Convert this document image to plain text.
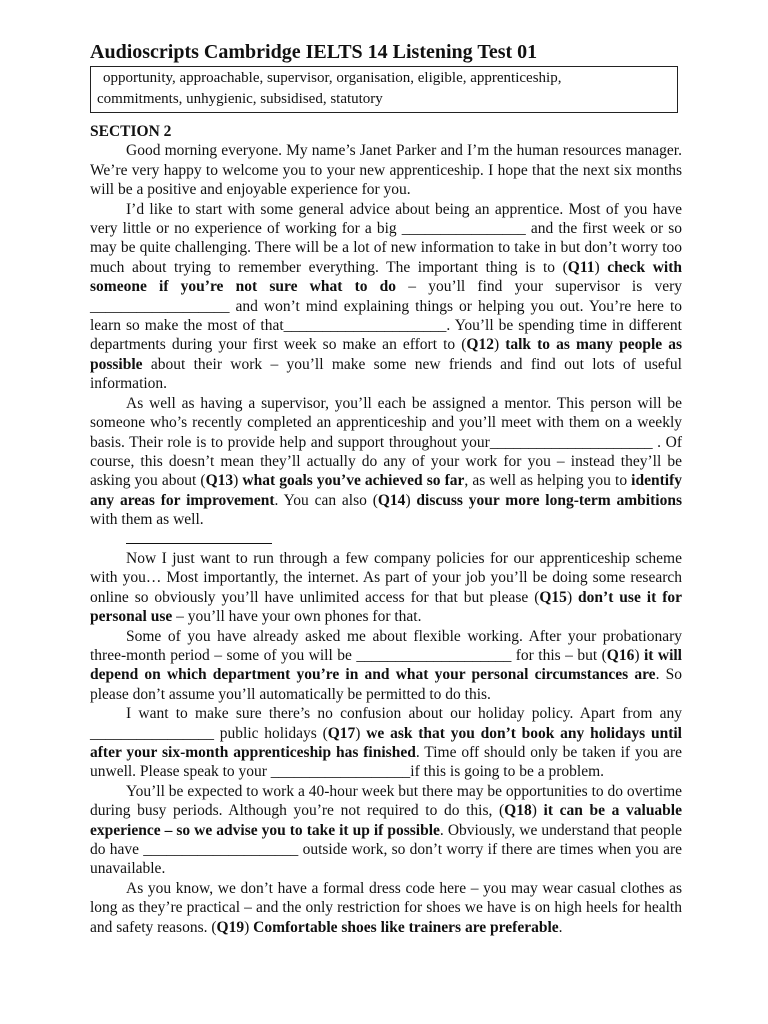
Audioscripts Cambridge IELTS 14 Listening Test 01
opportunity, approachable, supervisor, organisation, eligible, apprenticeship,
commitments, unhygienic, subsidised, statutory
SECTION 2

Good morning everyone. My name’s Janet Parker and I’m the human resources manager. We’re very happy to welcome you to your new apprenticeship. I hope that the next six months will be a positive and enjoyable experience for you.

I’d like to start with some general advice about being an apprentice. Most of you have very little or no experience of working for a big ________________ and the first week or so may be quite challenging. There will be a lot of new information to take in but don’t worry too much about trying to remember everything. The important thing is to (Q11) check with someone if you’re not sure what to do – you’ll find your supervisor is very __________________ and won’t mind explaining things or helping you out. You’re here to learn so make the most of that_____________________. You’ll be spending time in different departments during your first week so make an effort to (Q12) talk to as many people as possible about their work – you’ll make some new friends and find out lots of useful information.

As well as having a supervisor, you’ll each be assigned a mentor. This person will be someone who’s recently completed an apprenticeship and you’ll meet with them on a weekly basis. Their role is to provide help and support throughout your_____________________ . Of course, this doesn’t mean they’ll actually do any of your work for you – instead they’ll be asking you about (Q13) what goals you’ve achieved so far, as well as helping you to identify any areas for improvement. You can also (Q14) discuss your more long-term ambitions with them as well.

Now I just want to run through a few company policies for our apprenticeship scheme with you… Most importantly, the internet. As part of your job you’ll be doing some research online so obviously you’ll have unlimited access for that but please (Q15) don’t use it for personal use – you’ll have your own phones for that.

Some of you have already asked me about flexible working. After your probationary three-month period – some of you will be ____________________ for this – but (Q16) it will depend on which department you’re in and what your personal circumstances are. So please don’t assume you’ll automatically be permitted to do this.

I want to make sure there’s no confusion about our holiday policy. Apart from any ________________ public holidays (Q17) we ask that you don’t book any holidays until after your six-month apprenticeship has finished. Time off should only be taken if you are unwell. Please speak to your __________________if this is going to be a problem.

You’ll be expected to work a 40-hour week but there may be opportunities to do overtime during busy periods. Although you’re not required to do this, (Q18) it can be a valuable experience – so we advise you to take it up if possible. Obviously, we understand that people do have ____________________ outside work, so don’t worry if there are times when you are unavailable.

As you know, we don’t have a formal dress code here – you may wear casual clothes as long as they’re practical – and the only restriction for shoes we have is on high heels for health and safety reasons. (Q19) Comfortable shoes like trainers are preferable.
